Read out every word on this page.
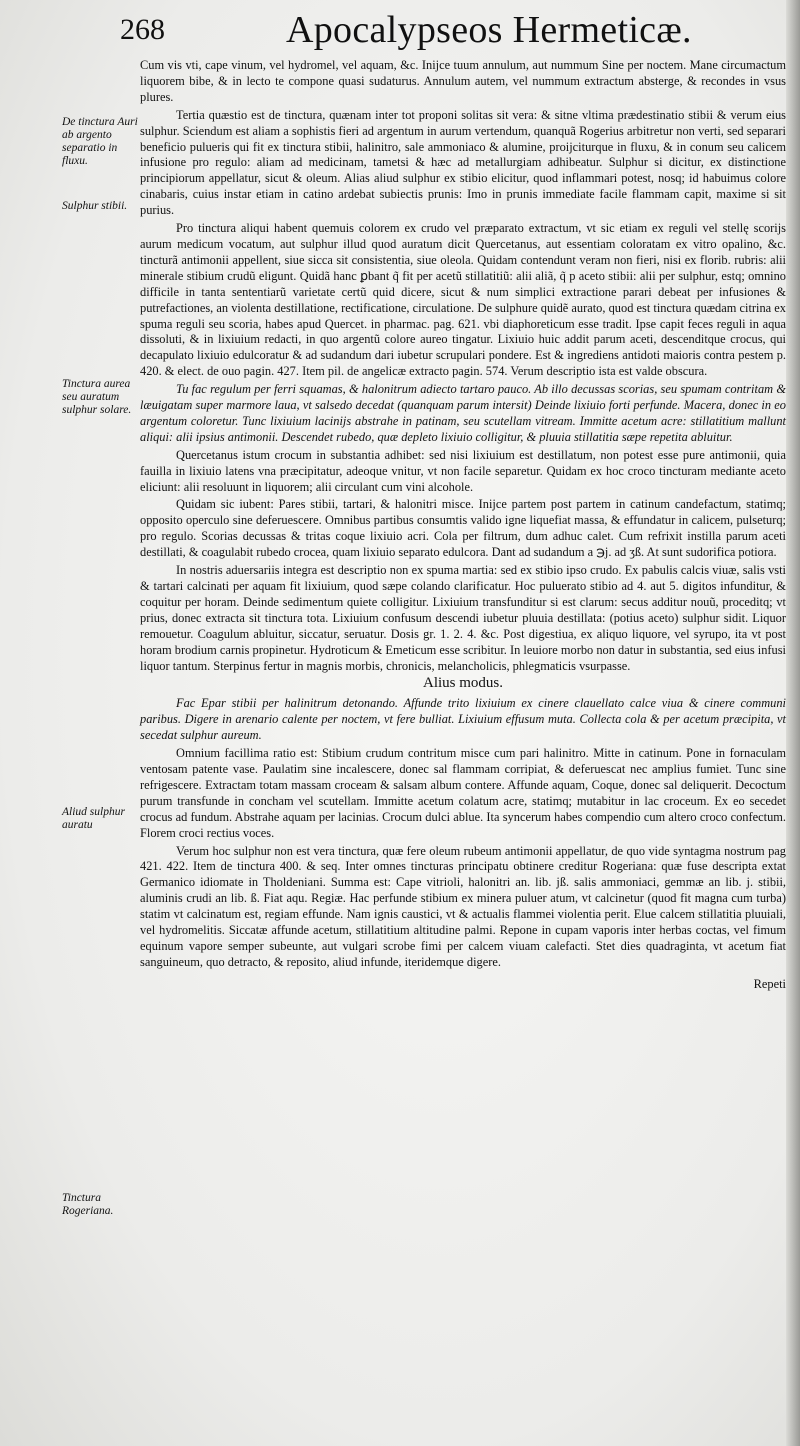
268	Apocalypseos Hermeticæ.
De tinctura Auri ab argento separatio in fluxu.
Sulphur stibii.
Tinctura aurea seu auratum sulphur solare.
Aliud sulphur auratu
Tinctura Rogeriana.

Cum vis vti, cape vinum, vel hydromel, vel aquam, &c. Inijce tuum annulum, aut nummum Sine per noctem. Mane circumactum liquorem bibe, & in lecto te compone quasi sudaturus. Annulum autem, vel nummum extractum absterge, & recondes in vsus plures.

Tertia quæstio est de tinctura, quænam inter tot proponi solitas sit vera: & sitne vltima prædestinatio stibii & verum eius sulphur. Sciendum est aliam a sophistis fieri ad argentum in aurum vertendum, quanquã Rogerius arbitretur non verti, sed separari beneficio pulueris qui fit ex tinctura stibii, halinitro, sale ammoniaco & alumine, proijciturque in fluxu, & in conum seu calicem infusione pro regulo: aliam ad medicinam, tametsi & hæc ad metallurgiam adhibeatur. Sulphur si dicitur, ex distinctione principiorum appellatur, sicut & oleum. Alias aliud sulphur ex stibio elicitur, quod inflammari potest, nosq; id habuimus colore cinabaris, cuius instar etiam in catino ardebat subiectis prunis: Imo in prunis immediate facile flammam capit, maxime si sit purius.

Pro tinctura aliqui habent quemuis colorem ex crudo vel præparato extractum, vt sic etiam ex reguli vel stellę scorijs aurum medicum vocatum, aut sulphur illud quod auratum dicit Quercetanus, aut essentiam coloratam ex vitro opalino, &c. tincturã antimonii appellent, siue sicca sit consistentia, siue oleola. Quidam contendunt veram non fieri, nisi ex florib. rubris: alii minerale stibium crudũ eligunt. Quidã hanc ꝑbant q̃ fit per acetũ stillatitiũ: alii aliã, q̃ p aceto stibii: alii per sulphur, estq; omnino difficile in tanta sententiarũ varietate certũ quid dicere, sicut & num simplici extractione parari debeat per infusiones & putrefactiones, an violenta destillatione, rectificatione, circulatione. De sulphure quidẽ aurato, quod est tinctura quædam citrina ex spuma reguli seu scoria, habes apud Quercet. in pharmac. pag. 621. vbi diaphoreticum esse tradit. Ipse capit feces reguli in aqua dissoluti, & in lixiuium redacti, in quo argentũ colore aureo tingatur. Lixiuio huic addit parum aceti, descenditque crocus, qui decapulato lixiuio edulcoratur & ad sudandum dari iubetur scrupulari pondere. Est & ingrediens antidoti maioris contra pestem p. 420. & elect. de ouo pagin. 427. Item pil. de angelicæ extracto pagin. 574. Verum descriptio ista est valde obscura.

Tu fac regulum per ferri squamas, & halonitrum adiecto tartaro pauco. Ab illo decussas scorias, seu spumam contritam & læuigatam super marmore laua, vt salsedo decedat (quanquam parum intersit) Deinde lixiuio forti perfunde. Macera, donec in eo argentum coloretur. Tunc lixiuium lacinijs abstrahe in patinam, seu scutellam vitream. Immitte acetum acre: stillatitium mallunt aliqui: alii ipsius antimonii. Descendet rubedo, quæ depleto lixiuio colligitur, & pluuia stillatitia sæpe repetita abluitur.

Quercetanus istum crocum in substantia adhibet: sed nisi lixiuium est destillatum, non potest esse pure antimonii, quia fauilla in lixiuio latens vna præcipitatur, adeoque vnitur, vt non facile separetur. Quidam ex hoc croco tincturam mediante aceto eliciunt: alii resoluunt in liquorem; alii circulant cum vini alcohole.

Quidam sic iubent: Pares stibii, tartari, & halonitri misce. Inijce partem post partem in catinum candefactum, statimq; opposito operculo sine deferuescere. Omnibus partibus consumtis valido igne liquefiat massa, & effundatur in calicem, pulseturq; pro regulo. Scorias decussas & tritas coque lixiuio acri. Cola per filtrum, dum adhuc calet. Cum refrixit instilla parum aceti destillati, & coagulabit rubedo crocea, quam lixiuio separato edulcora. Dant ad sudandum a ℈j. ad ʒß. At sunt sudorifica potiora.

In nostris aduersariis integra est descriptio non ex spuma martia: sed ex stibio ipso crudo. Ex pabulis calcis viuæ, salis vsti & tartari calcinati per aquam fit lixiuium, quod sæpe colando clarificatur. Hoc puluerato stibio ad 4. aut 5. digitos infunditur, & coquitur per horam. Deinde sedimentum quiete colligitur. Lixiuium transfunditur si est clarum: secus additur nouũ, proceditq; vt prius, donec extracta sit tinctura tota. Lixiuium confusum descendi iubetur pluuia destillata: (potius aceto) sulphur sidit. Liquor remouetur. Coagulum abluitur, siccatur, seruatur. Dosis gr. 1. 2. 4. &c. Post digestiua, ex aliquo liquore, vel syrupo, ita vt post horam brodium carnis propinetur. Hydroticum & Emeticum esse scribitur. In leuiore morbo non datur in substantia, sed eius infusi liquor tantum. Sterpinus fertur in magnis morbis, chronicis, melancholicis, phlegmaticis vsurpasse.

Alius modus.

Fac Epar stibii per halinitrum detonando. Affunde trito lixiuium ex cinere clauellato calce viua & cinere communi paribus. Digere in arenario calente per noctem, vt fere bulliat. Lixiuium effusum muta. Collecta cola & per acetum præcipita, vt secedat sulphur aureum.

Omnium facillima ratio est: Stibium crudum contritum misce cum pari halinitro. Mitte in catinum. Pone in fornaculam ventosam patente vase. Paulatim sine incalescere, donec sal flammam corripiat, & deferuescat nec amplius fumiet. Tunc sine refrigescere. Extractam totam massam croceam & salsam album contere. Affunde aquam, Coque, donec sal deliquerit. Decoctum purum transfunde in concham vel scutellam. Immitte acetum colatum acre, statimq; mutabitur in lac croceum. Ex eo secedet crocus ad fundum. Abstrahe aquam per lacinias. Crocum dulci ablue. Ita syncerum habes compendio cum altero croco confectum. Florem croci rectius voces.

Verum hoc sulphur non est vera tinctura, quæ fere oleum rubeum antimonii appellatur, de quo vide syntagma nostrum pag 421. 422. Item de tinctura 400. & seq. Inter omnes tincturas principatu obtinere creditur Rogeriana: quæ fuse descripta extat Germanico idiomate in Tholdeniani. Summa est: Cape vitrioli, halonitri an. lib. jß. salis ammoniaci, gemmæ an lib. j. stibii, aluminis crudi an lib. ß. Fiat aqu. Regiæ. Hac perfunde stibium ex minera puluer atum, vt calcinetur (quod fit magna cum turba) statim vt calcinatum est, regiam effunde. Nam ignis caustici, vt & actualis flammei violentia perit. Elue calcem stillatitia pluuiali, vel hydromelitis. Siccatæ affunde acetum, stillatitium altitudine palmi. Repone in cupam vaporis inter herbas coctas, vel fimum equinum vapore semper subeunte, aut vulgari scrobe fimi per calcem viuam calefacti. Stet dies quadraginta, vt acetum fiat sanguineum, quo detracto, & reposito, aliud infunde, iteridemque digere.

Repeti
